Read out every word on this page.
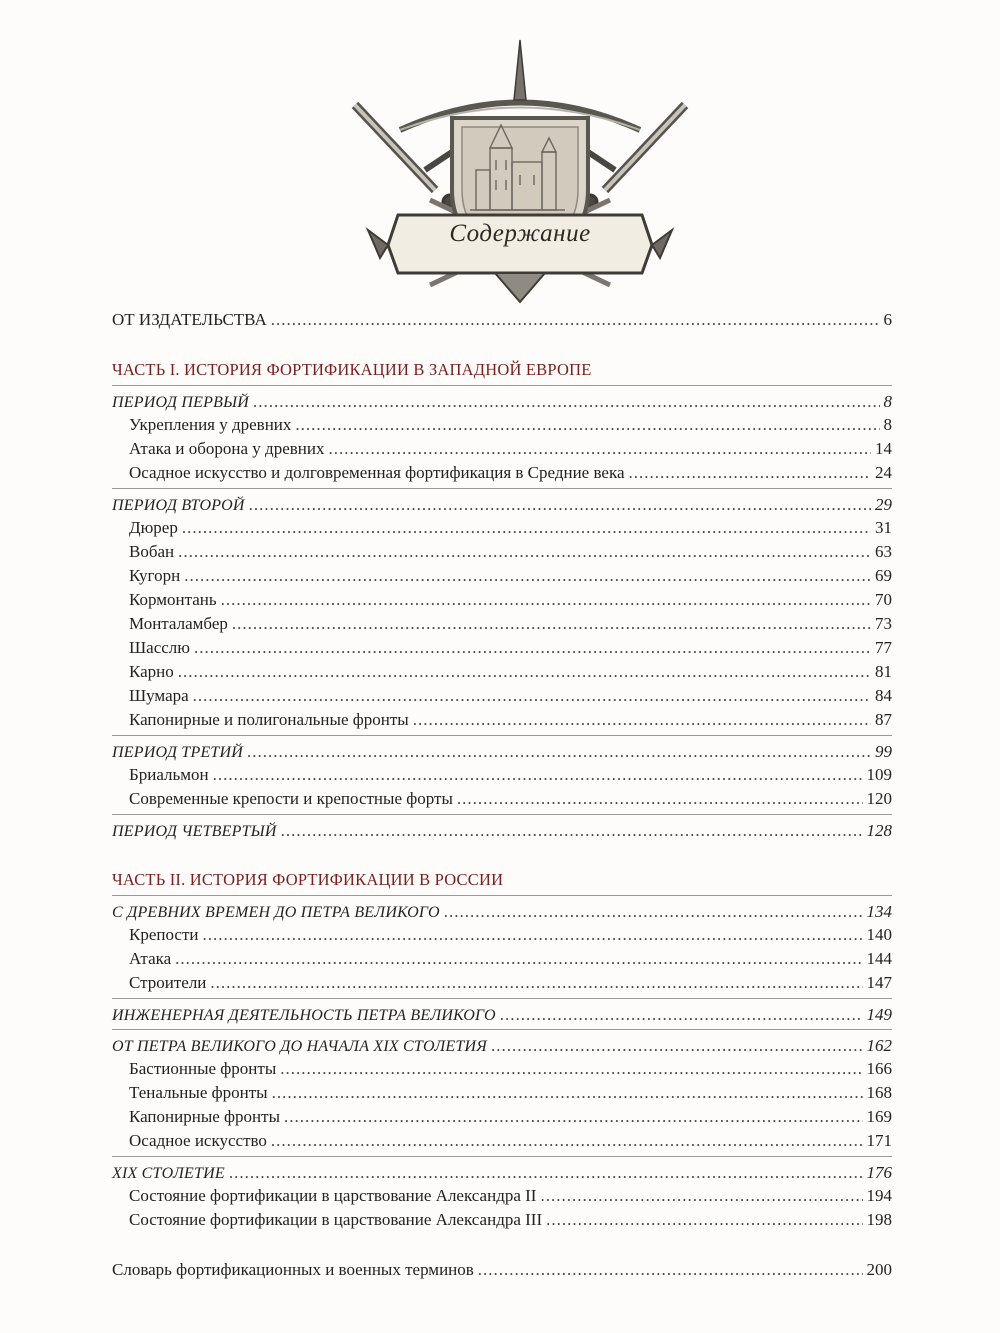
Содержание
ОТ ИЗДАТЕЛЬСТВА .....	6
ЧАСТЬ I. ИСТОРИЯ ФОРТИФИКАЦИИ В ЗАПАДНОЙ ЕВРОПЕ
ПЕРИОД ПЕРВЫЙ .....	8
Укрепления у древних .....	8
Атака и оборона у древних .....	14
Осадное искусство и долговременная фортификация в Средние века .....	24
ПЕРИОД ВТОРОЙ .....	29
Дюрер .....	31
Вобан .....	63
Кугорн .....	69
Кормонтань .....	70
Монталамбер .....	73
Шасслю .....	77
Карно .....	81
Шумара .....	84
Капонирные и полигональные фронты .....	87
ПЕРИОД ТРЕТИЙ .....	99
Бриальмон .....	109
Современные крепости и крепостные форты .....	120
ПЕРИОД ЧЕТВЕРТЫЙ .....	128
ЧАСТЬ II. ИСТОРИЯ ФОРТИФИКАЦИИ В РОССИИ
С ДРЕВНИХ ВРЕМЕН ДО ПЕТРА ВЕЛИКОГО .....	134
Крепости .....	140
Атака .....	144
Строители .....	147
ИНЖЕНЕРНАЯ ДЕЯТЕЛЬНОСТЬ ПЕТРА ВЕЛИКОГО .....	149
ОТ ПЕТРА ВЕЛИКОГО ДО НАЧАЛА XIX СТОЛЕТИЯ .....	162
Бастионные фронты .....	166
Тенальные фронты .....	168
Капонирные фронты .....	169
Осадное искусство .....	171
XIX СТОЛЕТИЕ .....	176
Состояние фортификации в царствование Александра II .....	194
Состояние фортификации в царствование Александра III .....	198
Словарь фортификационных и военных терминов .....	200
